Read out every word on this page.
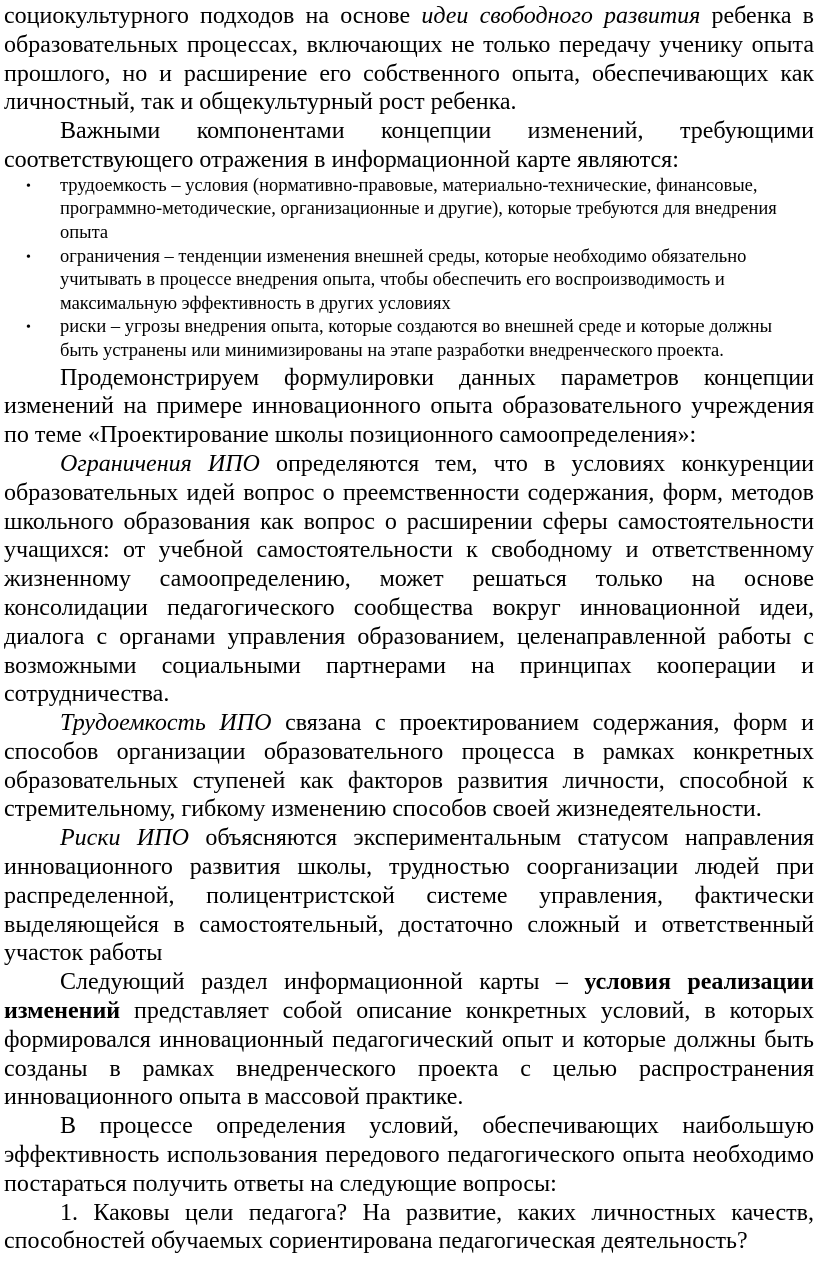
социокультурного подходов на основе идеи свободного развития ребенка в образовательных процессах, включающих не только передачу ученику опыта прошлого, но и расширение его собственного опыта, обеспечивающих как личностный, так и общекультурный рост ребенка.

Важными компонентами концепции изменений, требующими соответствующего отражения в информационной карте являются:

• трудоемкость – условия (нормативно-правовые, материально-технические, финансовые, программно-методические, организационные и другие), которые требуются для внедрения опыта
• ограничения – тенденции изменения внешней среды, которые необходимо обязательно учитывать в процессе внедрения опыта, чтобы обеспечить его воспроизводимость и максимальную эффективность в других условиях
• риски – угрозы внедрения опыта, которые создаются во внешней среде и которые должны быть устранены или минимизированы на этапе разработки внедренческого проекта.

Продемонстрируем формулировки данных параметров концепции изменений на примере инновационного опыта образовательного учреждения по теме «Проектирование школы позиционного самоопределения»:

Ограничения ИПО определяются тем, что в условиях конкуренции образовательных идей вопрос о преемственности содержания, форм, методов школьного образования как вопрос о расширении сферы самостоятельности учащихся: от учебной самостоятельности к свободному и ответственному жизненному самоопределению, может решаться только на основе консолидации педагогического сообщества вокруг инновационной идеи, диалога с органами управления образованием, целенаправленной работы с возможными социальными партнерами на принципах кооперации и сотрудничества.

Трудоемкость ИПО связана с проектированием содержания, форм и способов организации образовательного процесса в рамках конкретных образовательных ступеней как факторов развития личности, способной к стремительному, гибкому изменению способов своей жизнедеятельности.

Риски ИПО объясняются экспериментальным статусом направления инновационного развития школы, трудностью соорганизации людей при распределенной, полицентристской системе управления, фактически выделяющейся в самостоятельный, достаточно сложный и ответственный участок работы

Следующий раздел информационной карты – условия реализации изменений представляет собой описание конкретных условий, в которых формировался инновационный педагогический опыт и которые должны быть созданы в рамках внедренческого проекта с целью распространения инновационного опыта в массовой практике.

В процессе определения условий, обеспечивающих наибольшую эффективность использования передового педагогического опыта необходимо постараться получить ответы на следующие вопросы:

1. Каковы цели педагога? На развитие, каких личностных качеств, способностей обучаемых сориентирована педагогическая деятельность?
